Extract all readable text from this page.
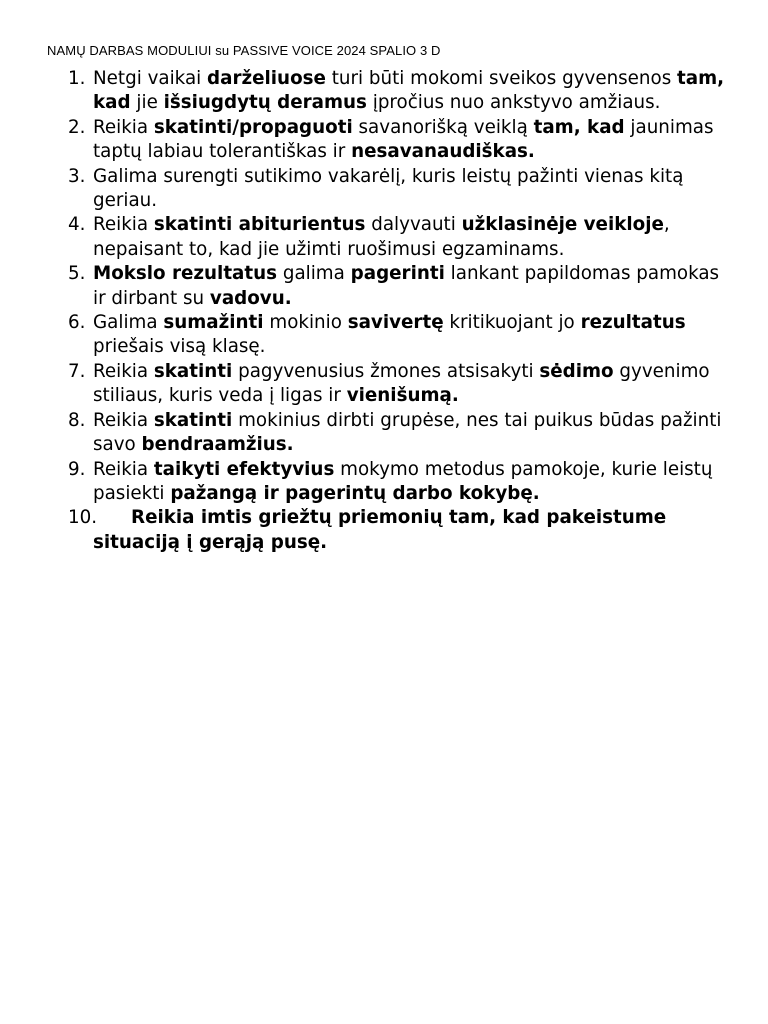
NAMŲ DARBAS MODULIUI su PASSIVE VOICE 2024 SPALIO 3 D
1. Netgi vaikai darželiuose turi būti mokomi sveikos gyvensenos tam, kad jie išsiugdytų deramus įpročius nuo ankstyvo amžiaus.
2. Reikia skatinti/propaguoti savanorišką veiklą tam, kad jaunimas taptų labiau tolerantiškas ir nesavanaudiškas.
3. Galima surengti sutikimo vakarėlį, kuris leistų pažinti vienas kitą geriau.
4. Reikia skatinti abiturientus dalyvauti užklasinėje veikloje, nepaisant to, kad jie užimti ruošimusi egzaminams.
5. Mokslo rezultatus galima pagerinti lankant papildomas pamokas ir dirbant su vadovu.
6. Galima sumažinti mokinio savivertę kritikuojant jo rezultatus priešais visą klasę.
7. Reikia skatinti pagyvenusius žmones atsisakyti sėdimo gyvenimo stiliaus, kuris veda į ligas ir vienišumą.
8. Reikia skatinti mokinius dirbti grupėse, nes tai puikus būdas pažinti savo bendraamžius.
9. Reikia taikyti efektyvius mokymo metodus pamokoje, kurie leistų pasiekti pažangą ir pagerintų darbo kokybę.
10. Reikia imtis griežtų priemonių tam, kad pakeistume situaciją į gerąją pusę.
